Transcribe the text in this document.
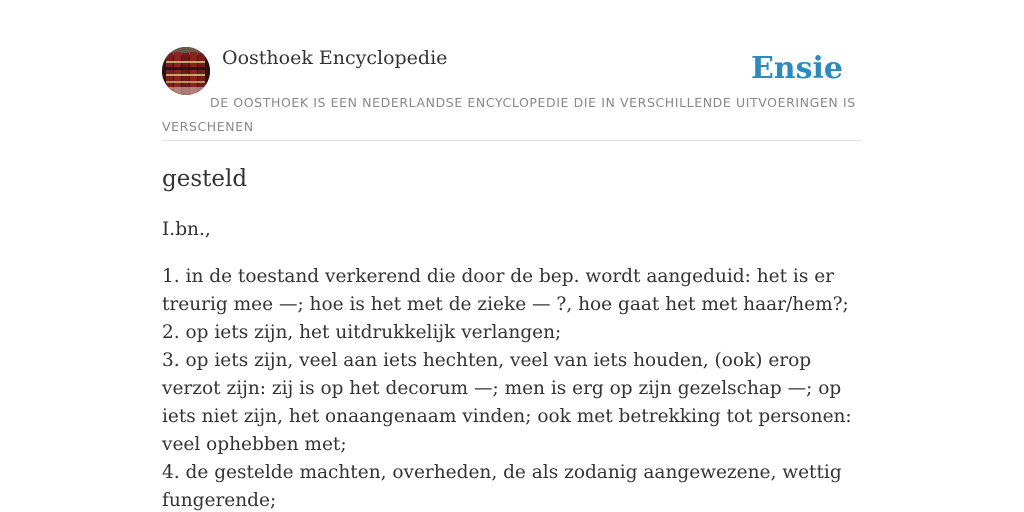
Oosthoek Encyclopedie	Ensie
DE OOSTHOEK IS EEN NEDERLANDSE ENCYCLOPEDIE DIE IN VERSCHILLENDE UITVOERINGEN IS VERSCHENEN
gesteld
I.bn.,
1. in de toestand verkerend die door de bep. wordt aangeduid: het is er treurig mee —; hoe is het met de zieke — ?, hoe gaat het met haar/hem?;
2. op iets zijn, het uitdrukkelijk verlangen;
3. op iets zijn, veel aan iets hechten, veel van iets houden, (ook) erop verzot zijn: zij is op het decorum —; men is erg op zijn gezelschap —; op iets niet zijn, het onaangenaam vinden; ook met betrekking tot personen: veel ophebben met;
4. de gestelde machten, overheden, de als zodanig aangewezene, wettig fungerende;
